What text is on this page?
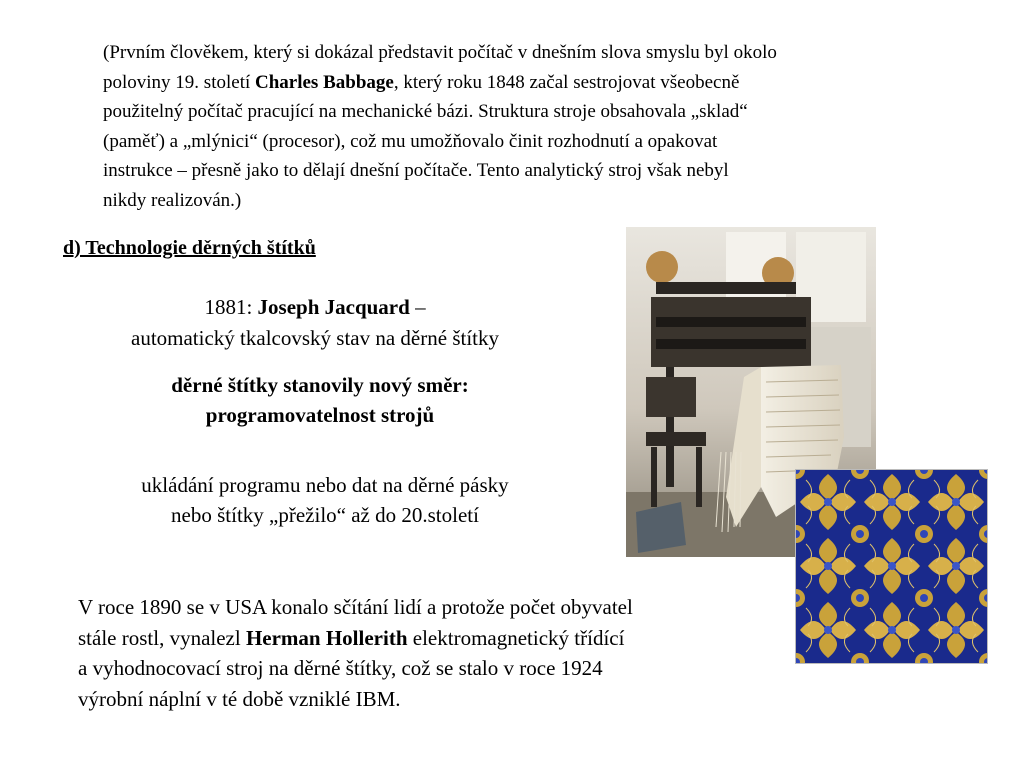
(Prvním člověkem, který si dokázal představit počítač v dnešním slova smyslu byl okolo
poloviny 19. století Charles Babbage, který roku 1848 začal sestrojovat všeobecně
použitelný počítač pracující na mechanické bázi. Struktura stroje obsahovala „sklad“
(paměť) a „mlýnici“ (procesor), což mu umožňovalo činit rozhodnutí a opakovat
instrukce – přesně jako to dělají dnešní počítače. Tento analytický stroj však nebyl
nikdy realizován.)
d) Technologie děrných štítků
1881: Joseph Jacquard –
automatický tkalcovský stav na děrné štítky
děrné štítky stanovily nový směr:
programovatelnost strojů
ukládání programu nebo dat na děrné pásky
nebo štítky „přežilo“ až do 20.století
V roce 1890 se v USA konalo sčítání lidí a protože počet obyvatel
stále rostl, vynalezl Herman Hollerith elektromagnetický třídící
a vyhodnocovací stroj na děrné štítky, což se stalo v roce 1924
výrobní náplní v té době vzniklé IBM.
